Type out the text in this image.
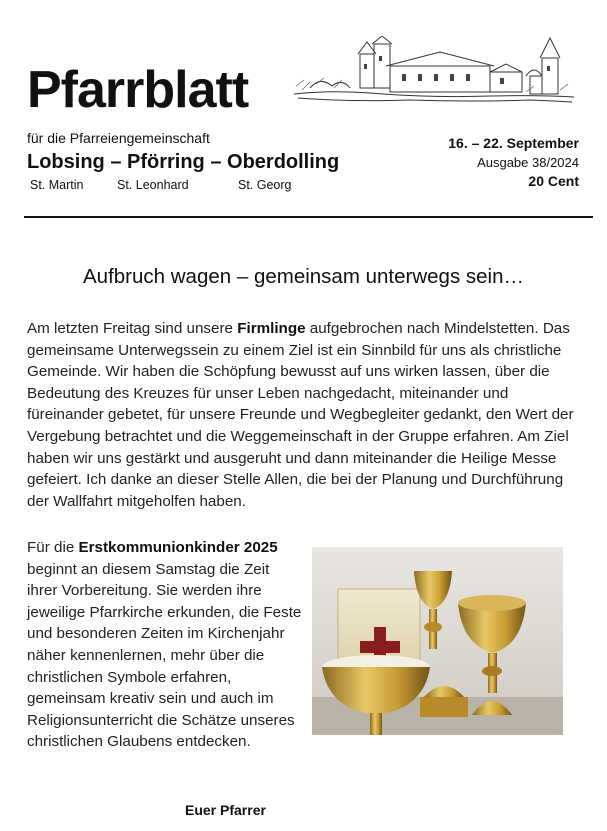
Pfarrblatt
für die Pfarreiengemeinschaft
Lobsing – Pförring – Oberdolling
St. Martin	St. Leonhard	St. Georg
16. – 22. September
Ausgabe 38/2024
20 Cent
Aufbruch wagen – gemeinsam unterwegs sein…
Am letzten Freitag sind unsere Firmlinge aufgebrochen nach Mindelstetten. Das gemeinsame Unterwegssein zu einem Ziel ist ein Sinnbild für uns als christliche Gemeinde. Wir haben die Schöpfung bewusst auf uns wirken lassen, über die Bedeutung des Kreuzes für unser Leben nachgedacht, miteinander und füreinander gebetet, für unsere Freunde und Wegbegleiter gedankt, den Wert der Vergebung betrachtet und die Weggemeinschaft in der Gruppe erfahren. Am Ziel haben wir uns gestärkt und ausgeruht und dann miteinander die Heilige Messe gefeiert. Ich danke an dieser Stelle Allen, die bei der Planung und Durchführung der Wallfahrt mitgeholfen haben.
Für die Erstkommunionkinder 2025 beginnt an diesem Samstag die Zeit ihrer Vorbereitung. Sie werden ihre jeweilige Pfarrkirche erkunden, die Feste und besonderen Zeiten im Kirchenjahr näher kennenlernen, mehr über die christlichen Symbole erfahren, gemeinsam kreativ sein und auch im Religionsunterricht die Schätze unseres christlichen Glaubens entdecken.
Euer Pfarrer
